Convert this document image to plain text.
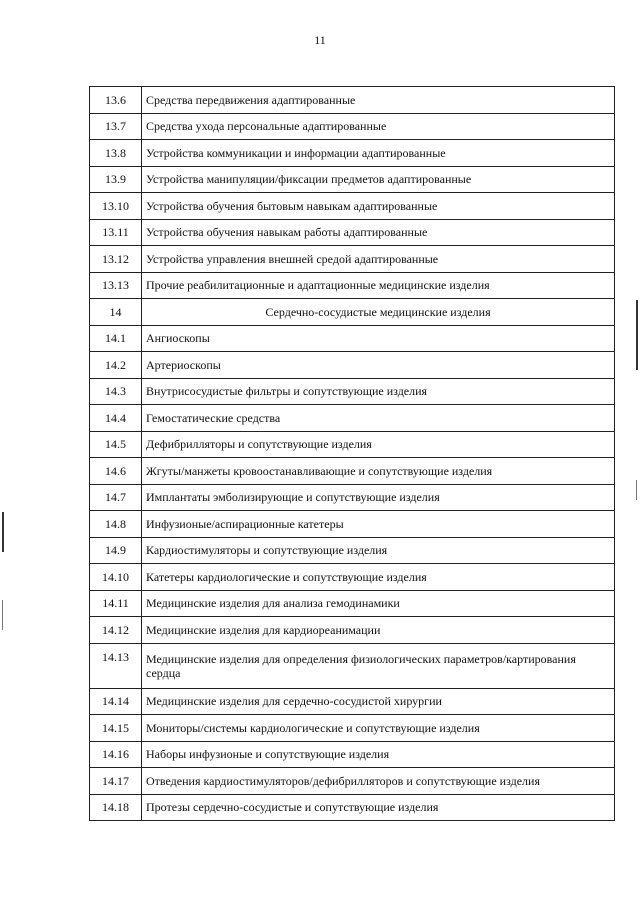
11
13.6	Средства передвижения адаптированные
13.7	Средства ухода персональные адаптированные
13.8	Устройства коммуникации и информации адаптированные
13.9	Устройства манипуляции/фиксации предметов адаптированные
13.10	Устройства обучения бытовым навыкам адаптированные
13.11	Устройства обучения навыкам работы адаптированные
13.12	Устройства управления внешней средой адаптированные
13.13	Прочие реабилитационные и адаптационные медицинские изделия
14	Сердечно-сосудистые медицинские изделия
14.1	Ангиоскопы
14.2	Артериоскопы
14.3	Внутрисосудистые фильтры и сопутствующие изделия
14.4	Гемостатические средства
14.5	Дефибрилляторы и сопутствующие изделия
14.6	Жгуты/манжеты кровоостанавливающие и сопутствующие изделия
14.7	Имплантаты эмболизирующие и сопутствующие изделия
14.8	Инфузионые/аспирационные катетеры
14.9	Кардиостимуляторы и сопутствующие изделия
14.10	Катетеры кардиологические и сопутствующие изделия
14.11	Медицинские изделия для анализа гемодинамики
14.12	Медицинские изделия для кардиореанимации
14.13	Медицинские изделия для определения физиологических параметров/картирования сердца
14.14	Медицинские изделия для сердечно-сосудистой хирургии
14.15	Мониторы/системы кардиологические и сопутствующие изделия
14.16	Наборы инфузионые и сопутствующие изделия
14.17	Отведения кардиостимуляторов/дефибрилляторов и сопутствующие изделия
14.18	Протезы сердечно-сосудистые и сопутствующие изделия
